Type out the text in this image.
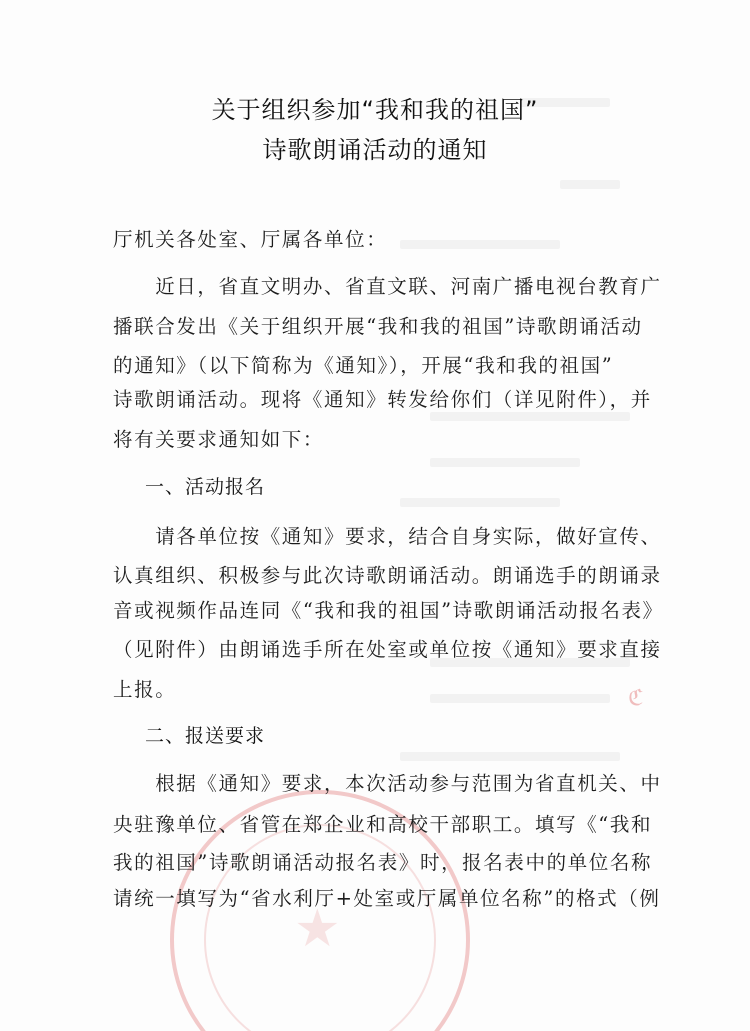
★
ℭ
关于组织参加“我和我的祖国”
诗歌朗诵活动的通知
厅机关各处室、厅属各单位：
　　近日，省直文明办、省直文联、河南广播电视台教育广
播联合发出《关于组织开展“我和我的祖国”诗歌朗诵活动
的通知》（以下简称为《通知》），开展“我和我的祖国”
诗歌朗诵活动。现将《通知》转发给你们（详见附件），并
将有关要求通知如下：
一、活动报名
　　请各单位按《通知》要求，结合自身实际，做好宣传、
认真组织、积极参与此次诗歌朗诵活动。朗诵选手的朗诵录
音或视频作品连同《“我和我的祖国”诗歌朗诵活动报名表》
（见附件）由朗诵选手所在处室或单位按《通知》要求直接
上报。
二、报送要求
　　根据《通知》要求，本次活动参与范围为省直机关、中
央驻豫单位、省管在郑企业和高校干部职工。填写《“我和
我的祖国”诗歌朗诵活动报名表》时，报名表中的单位名称
请统一填写为“省水利厅+处室或厅属单位名称”的格式（例
